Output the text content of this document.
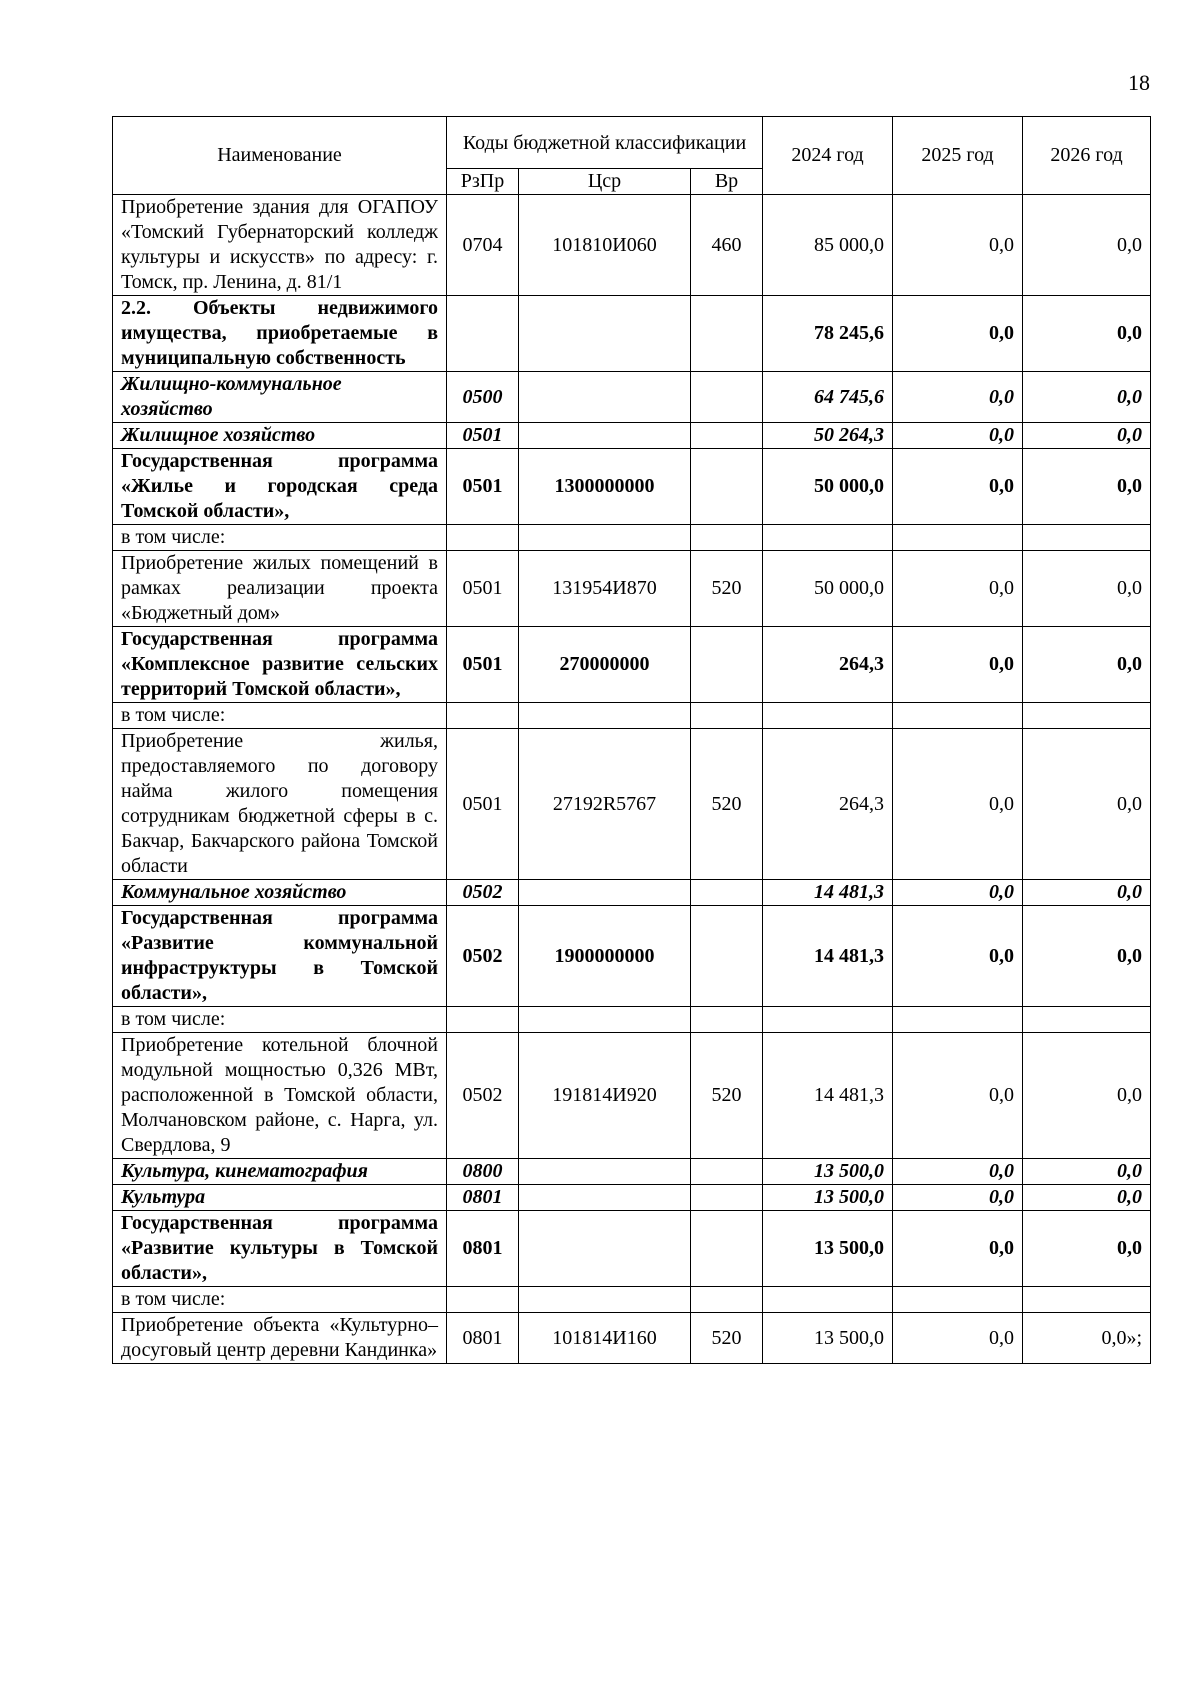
18
Наименование	Коды бюджетной классификации			2024 год	2025 год	2026 год
	РзПр	Цср	Вр			
Приобретение здания для ОГАПОУ «Томский Губернаторский колледж культуры и искусств» по адресу: г. Томск, пр. Ленина, д. 81/1	0704	101810И060	460	85 000,0	0,0	0,0
2.2. Объекты недвижимого имущества, приобретаемые в муниципальную собственность				78 245,6	0,0	0,0
Жилищно-коммунальное хозяйство	0500			64 745,6	0,0	0,0
Жилищное хозяйство	0501			50 264,3	0,0	0,0
Государственная программа «Жилье и городская среда Томской области»,	0501	1300000000		50 000,0	0,0	0,0
в том числе:						
Приобретение жилых помещений в рамках реализации проекта «Бюджетный дом»	0501	131954И870	520	50 000,0	0,0	0,0
Государственная программа «Комплексное развитие сельских территорий Томской области»,	0501	270000000		264,3	0,0	0,0
в том числе:						
Приобретение жилья, предоставляемого по договору найма жилого помещения сотрудникам бюджетной сферы в с. Бакчар, Бакчарского района Томской области	0501	27192R5767	520	264,3	0,0	0,0
Коммунальное хозяйство	0502			14 481,3	0,0	0,0
Государственная программа «Развитие коммунальной инфраструктуры в Томской области»,	0502	1900000000		14 481,3	0,0	0,0
в том числе:						
Приобретение котельной блочной модульной мощностью 0,326 МВт, расположенной в Томской области, Молчановском районе, с. Нарга, ул. Свердлова, 9	0502	191814И920	520	14 481,3	0,0	0,0
Культура, кинематография	0800			13 500,0	0,0	0,0
Культура	0801			13 500,0	0,0	0,0
Государственная программа «Развитие культуры в Томской области»,	0801			13 500,0	0,0	0,0
в том числе:						
Приобретение объекта «Культурно–досуговый центр деревни Кандинка»	0801	101814И160	520	13 500,0	0,0	0,0»;
